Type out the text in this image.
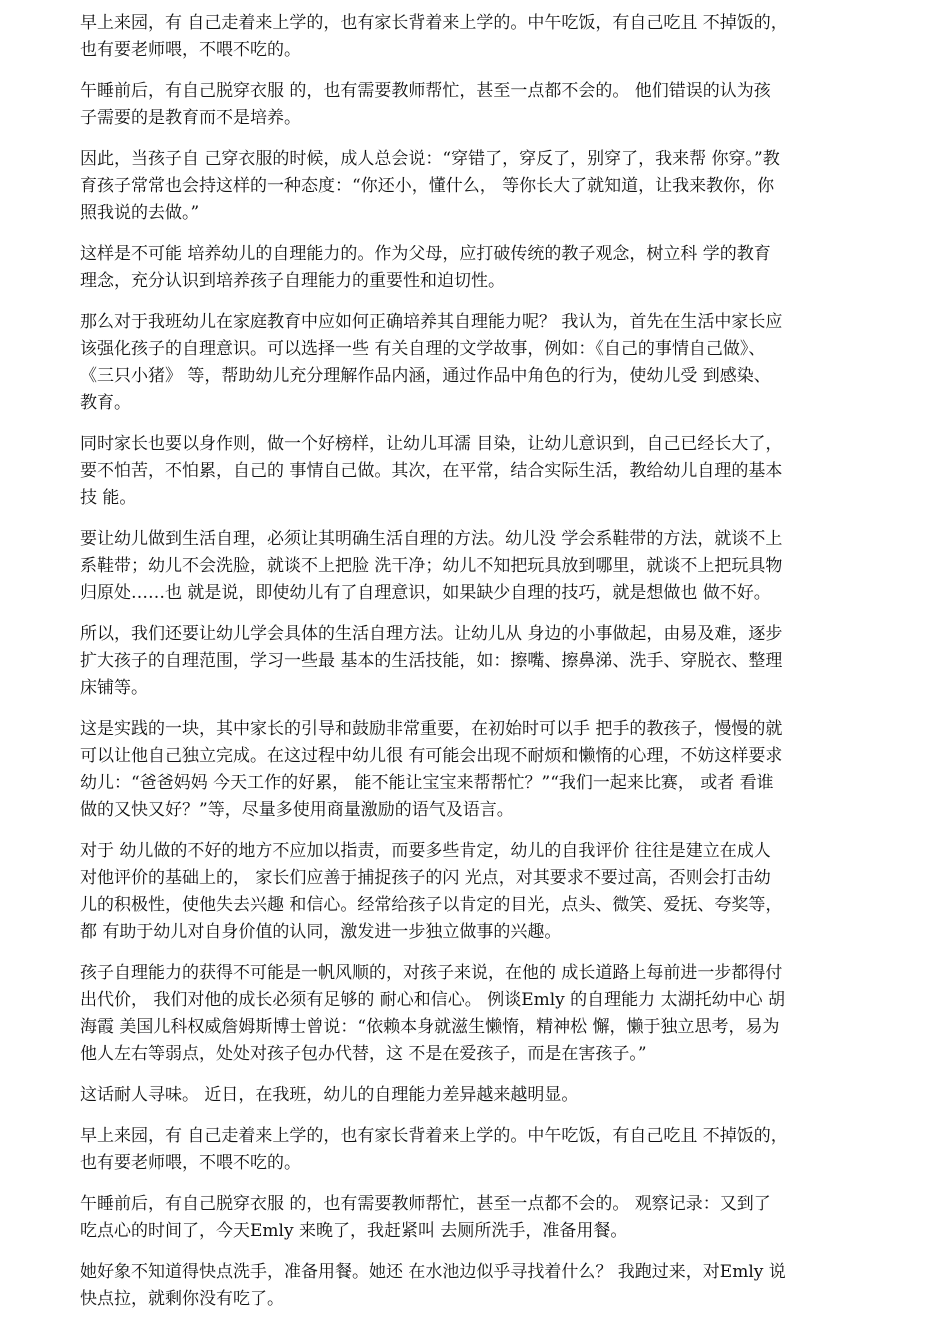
早上来园，有 自己走着来上学的，也有家长背着来上学的。中午吃饭，有自己吃且 不掉饭的，
也有要老师喂，不喂不吃的。

午睡前后，有自己脱穿衣服 的，也有需要教师帮忙，甚至一点都不会的。 他们错误的认为孩
子需要的是教育而不是培养。

因此，当孩子自 己穿衣服的时候，成人总会说：“穿错了，穿反了，别穿了，我来帮 你穿。”教
育孩子常常也会持这样的一种态度：“你还小，懂什么， 等你长大了就知道，让我来教你，你
照我说的去做。”

这样是不可能 培养幼儿的自理能力的。作为父母，应打破传统的教子观念，树立科 学的教育
理念，充分认识到培养孩子自理能力的重要性和迫切性。

那么对于我班幼儿在家庭教育中应如何正确培养其自理能力呢？ 我认为，首先在生活中家长应
该强化孩子的自理意识。可以选择一些 有关自理的文学故事，例如：《自己的事情自己做》、
《三只小猪》 等，帮助幼儿充分理解作品内涵，通过作品中角色的行为，使幼儿受 到感染、
教育。

同时家长也要以身作则，做一个好榜样，让幼儿耳濡 目染，让幼儿意识到，自己已经长大了，
要不怕苦，不怕累，自己的 事情自己做。其次，在平常，结合实际生活，教给幼儿自理的基本
技 能。

要让幼儿做到生活自理，必须让其明确生活自理的方法。幼儿没 学会系鞋带的方法，就谈不上
系鞋带；幼儿不会洗脸，就谈不上把脸 洗干净；幼儿不知把玩具放到哪里，就谈不上把玩具物
归原处……也 就是说，即使幼儿有了自理意识，如果缺少自理的技巧，就是想做也 做不好。

所以，我们还要让幼儿学会具体的生活自理方法。让幼儿从 身边的小事做起，由易及难，逐步
扩大孩子的自理范围，学习一些最 基本的生活技能，如：擦嘴、擦鼻涕、洗手、穿脱衣、整理
床铺等。

这是实践的一块，其中家长的引导和鼓励非常重要，在初始时可以手 把手的教孩子，慢慢的就
可以让他自己独立完成。在这过程中幼儿很 有可能会出现不耐烦和懒惰的心理，不妨这样要求
幼儿：“爸爸妈妈 今天工作的好累， 能不能让宝宝来帮帮忙？”“我们一起来比赛， 或者 看谁
做的又快又好？”等，尽量多使用商量激励的语气及语言。

对于 幼儿做的不好的地方不应加以指责，而要多些肯定，幼儿的自我评价 往往是建立在成人
对他评价的基础上的， 家长们应善于捕捉孩子的闪 光点，对其要求不要过高，否则会打击幼
儿的积极性，使他失去兴趣 和信心。经常给孩子以肯定的目光，点头、微笑、爱抚、夸奖等，
都 有助于幼儿对自身价值的认同，激发进一步独立做事的兴趣。

孩子自理能力的获得不可能是一帆风顺的，对孩子来说，在他的 成长道路上每前进一步都得付
出代价， 我们对他的成长必须有足够的 耐心和信心。 例谈Emly 的自理能力 太湖托幼中心 胡
海霞 美国儿科权威詹姆斯博士曾说：“依赖本身就滋生懒惰，精神松 懈，懒于独立思考，易为
他人左右等弱点，处处对孩子包办代替，这 不是在爱孩子，而是在害孩子。”

这话耐人寻味。 近日，在我班，幼儿的自理能力差异越来越明显。

早上来园，有 自己走着来上学的，也有家长背着来上学的。中午吃饭，有自己吃且 不掉饭的，
也有要老师喂，不喂不吃的。

午睡前后，有自己脱穿衣服 的，也有需要教师帮忙，甚至一点都不会的。 观察记录：又到了
吃点心的时间了，今天Emly 来晚了，我赶紧叫 去厕所洗手，准备用餐。

她好象不知道得快点洗手，准备用餐。她还 在水池边似乎寻找着什么？ 我跑过来，对Emly 说
快点拉，就剩你没有吃了。
